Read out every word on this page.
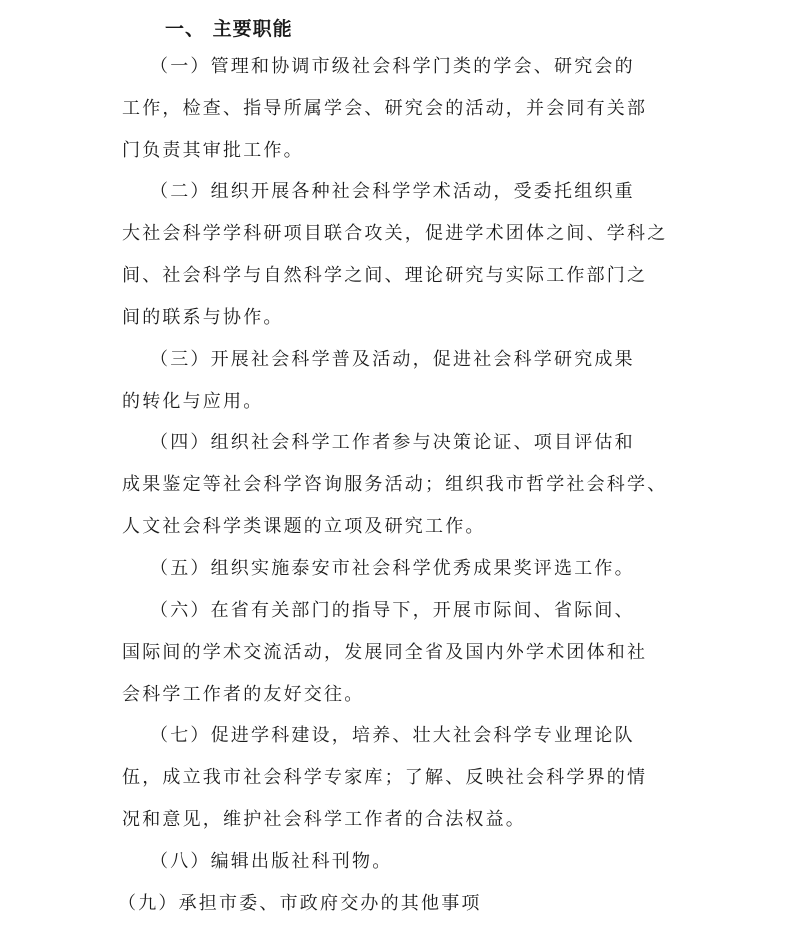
一、 主要职能
（一）管理和协调市级社会科学门类的学会、研究会的
工作，检查、指导所属学会、研究会的活动，并会同有关部
门负责其审批工作。
（二）组织开展各种社会科学学术活动，受委托组织重
大社会科学学科研项目联合攻关，促进学术团体之间、学科之
间、社会科学与自然科学之间、理论研究与实际工作部门之
间的联系与协作。
（三）开展社会科学普及活动，促进社会科学研究成果
的转化与应用。
（四）组织社会科学工作者参与决策论证、项目评估和
成果鉴定等社会科学咨询服务活动；组织我市哲学社会科学、
人文社会科学类课题的立项及研究工作。
（五）组织实施泰安市社会科学优秀成果奖评选工作。
（六）在省有关部门的指导下，开展市际间、省际间、
国际间的学术交流活动，发展同全省及国内外学术团体和社
会科学工作者的友好交往。
（七）促进学科建设，培养、壮大社会科学专业理论队
伍，成立我市社会科学专家库；了解、反映社会科学界的情
况和意见，维护社会科学工作者的合法权益。
（八）编辑出版社科刊物。
（九）承担市委、市政府交办的其他事项
